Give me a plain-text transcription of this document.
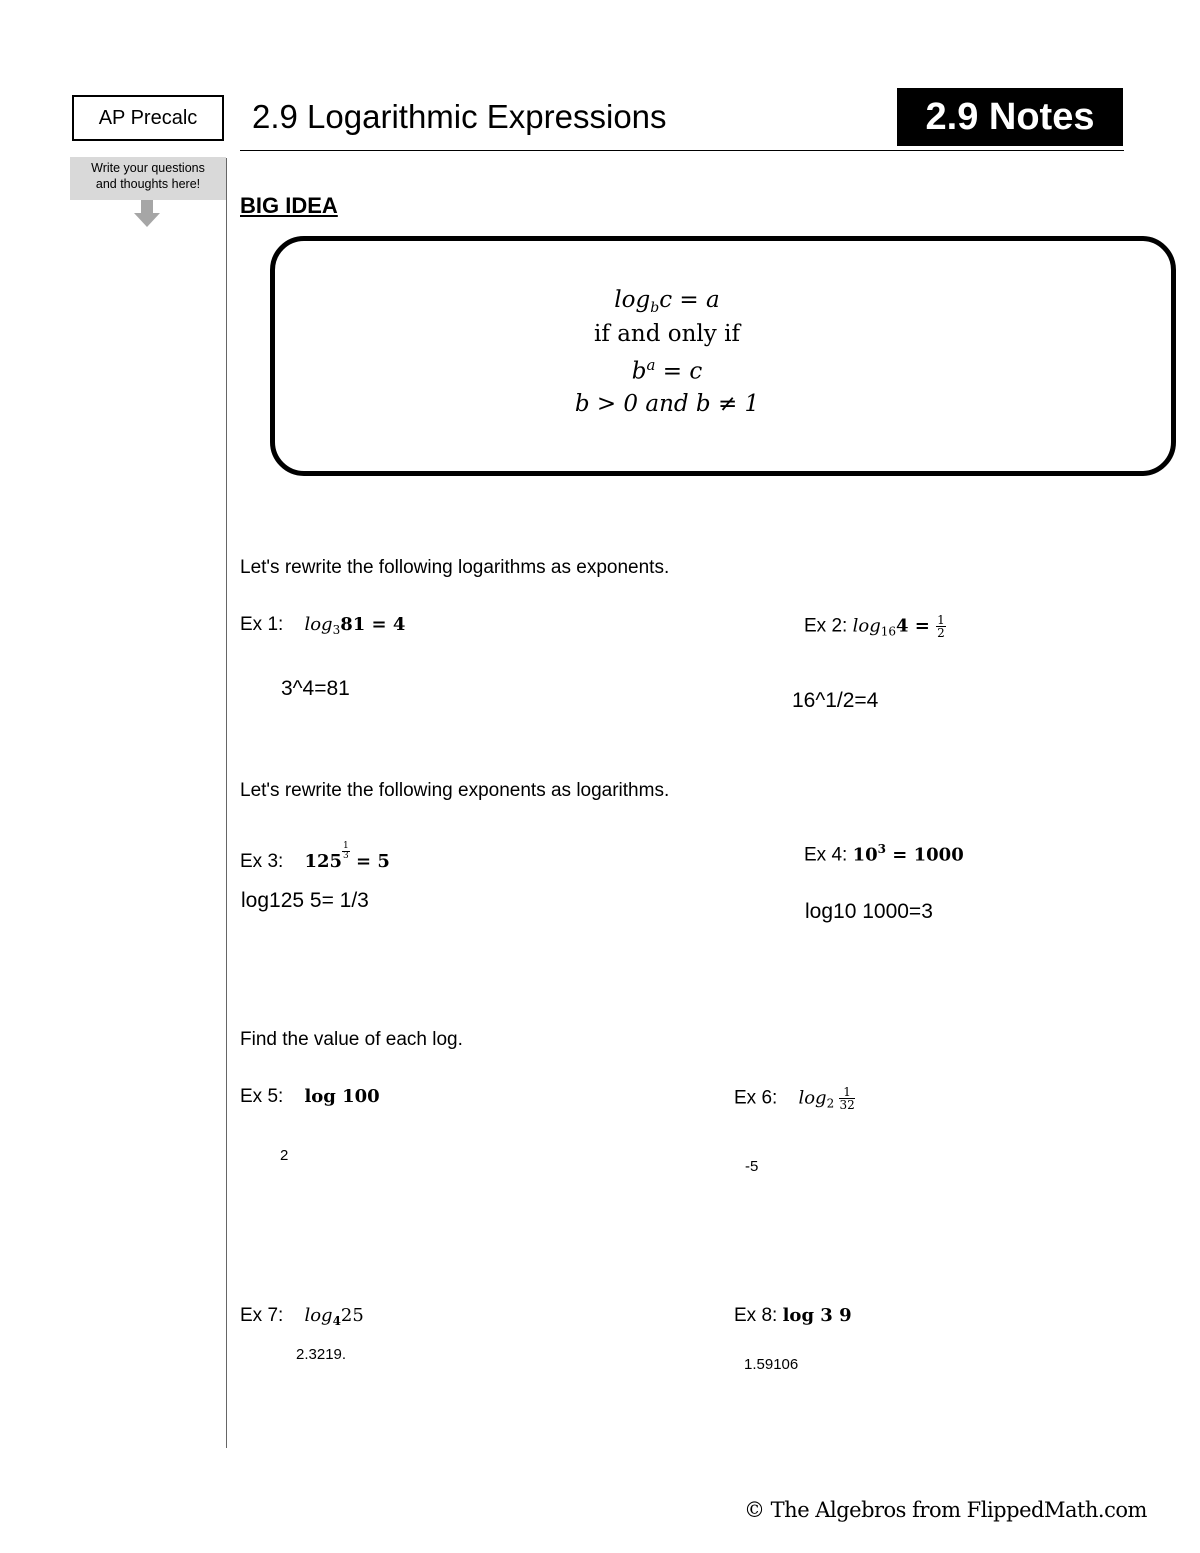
AP Precalc	2.9 Logarithmic Expressions	2.9 Notes
Write your questions
and thoughts here!
BIG IDEA
$\log_bc = a$
if and only if
$b^a = c$
b > 0 and b ≠ 1
Let's rewrite the following logarithms as exponents.
Ex 1: $\log_381 = 4$
3^4=81
Ex 2: $\log_{16}4 = \frac{1}{2}$
16^1/2=4
Let's rewrite the following exponents as logarithms.
Ex 3: $125 \frac{1}{3} = 5$
log125 5= 1/3
Ex 4: $10^3 = 1000$
log10 1000=3
Find the value of each log.
Ex 5: log 100
2
Ex 6: $\log_2 \frac{1}{32}$
-5
Ex 7: $\log_425$
2.3219.
Ex 8: log 3 9
1.59106
© The Algebros from FlippedMath.com
